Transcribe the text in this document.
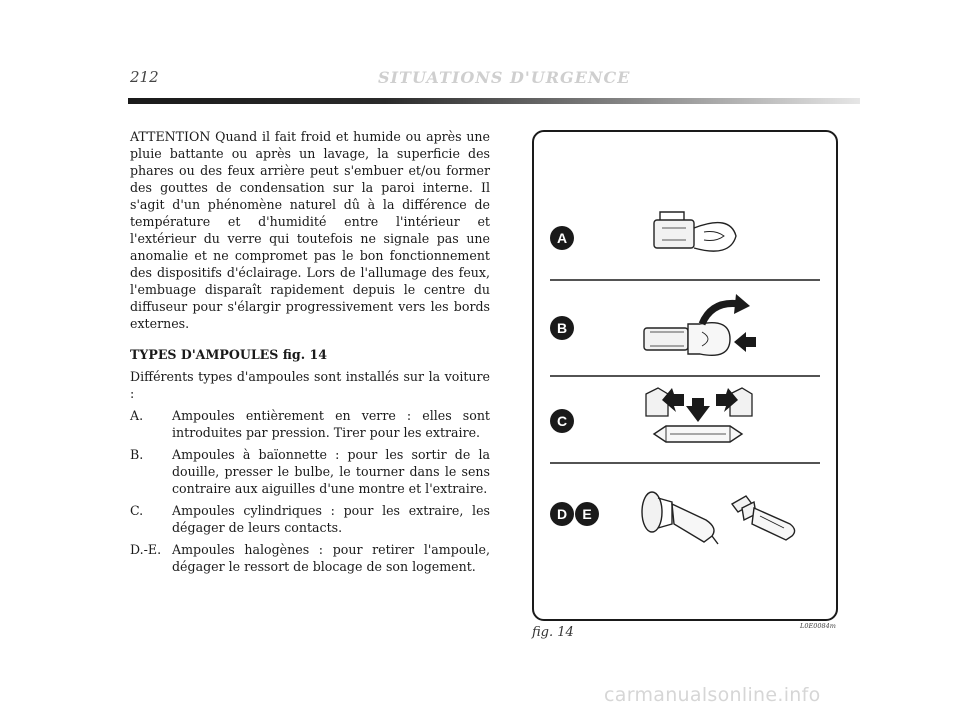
212	SITUATIONS D'URGENCE

ATTENTION Quand il fait froid et humide ou après une pluie battante ou après un lavage, la superficie des phares ou des feux arrière peut s'embuer et/ou former des gouttes de condensation sur la paroi interne. Il s'agit d'un phénomène naturel dû à la différence de température et d'humidité entre l'intérieur et l'extérieur du verre qui toutefois ne signale pas une anomalie et ne compromet pas le bon fonctionnement des dispositifs d'éclairage. Lors de l'allumage des feux, l'embuage disparaît rapidement depuis le centre du diffuseur pour s'élargir progressivement vers les bords externes.

TYPES D'AMPOULES fig. 14

Différents types d'ampoules sont installés sur la voiture :

A.	Ampoules entièrement en verre : elles sont introduites par pression. Tirer pour les extraire.
B.	Ampoules à baïonnette : pour les sortir de la douille, presser le bulbe, le tourner dans le sens contraire aux aiguilles d'une montre et l'extraire.
C.	Ampoules cylindriques : pour les extraire, les dégager de leurs contacts.
D.-E. Ampoules halogènes : pour retirer l'ampoule, dégager le ressort de blocage de son logement.
A
B
C
D E
fig. 14	L0E0084m
carmanualsonline.info
